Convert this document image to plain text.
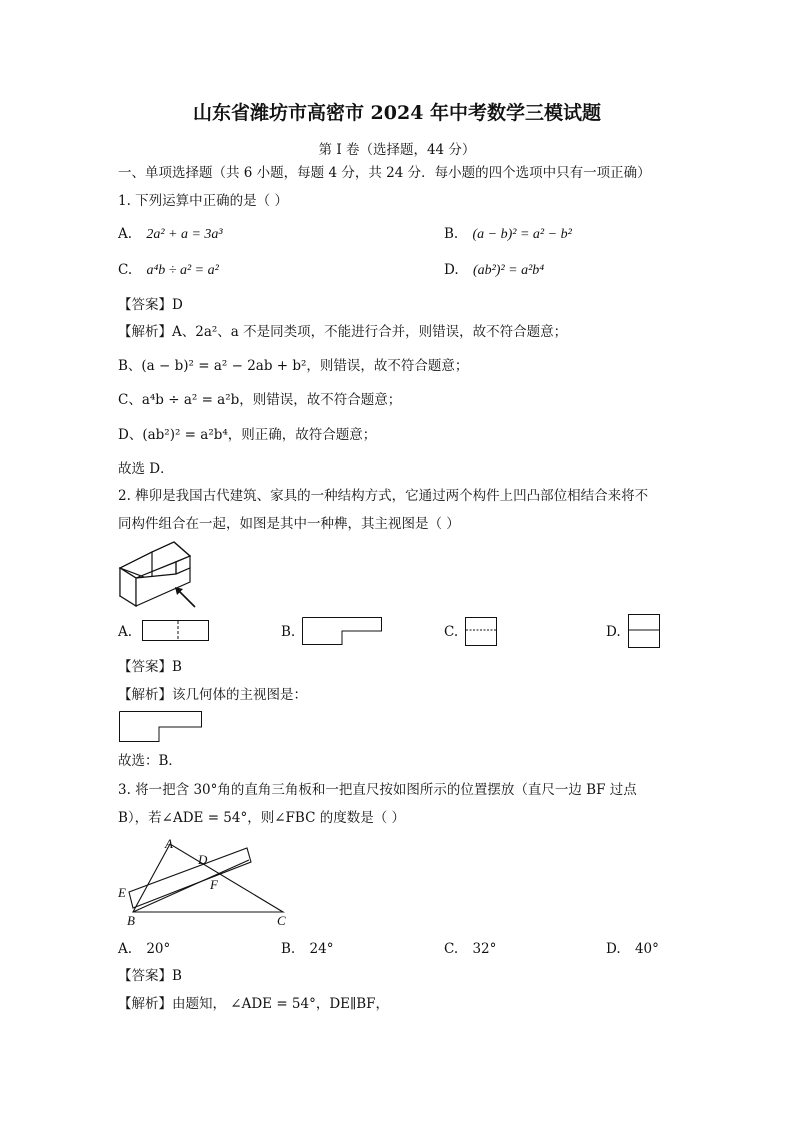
山东省潍坊市高密市 2024 年中考数学三模试题
第 I 卷（选择题，44 分）
一、单项选择题（共 6 小题，每题 4 分，共 24 分．每小题的四个选项中只有一项正确）
1. 下列运算中正确的是（ ）
A. 2a² + a = 3a³	B. (a − b)² = a² − b²
C. a⁴b ÷ a² = a²	D. (ab²)² = a²b⁴
【答案】D
【解析】A、2a²、a 不是同类项，不能进行合并，则错误，故不符合题意；
B、(a − b)² = a² − 2ab + b²，则错误，故不符合题意；
C、a⁴b ÷ a² = a²b，则错误，故不符合题意；
D、(ab²)² = a²b⁴，则正确，故符合题意；
故选 D．
2. 榫卯是我国古代建筑、家具的一种结构方式，它通过两个构件上凹凸部位相结合来将不
同构件组合在一起，如图是其中一种榫，其主视图是（ ）
A.	B.	C.	D.
【答案】B
【解析】该几何体的主视图是：
故选：B．
3. 将一把含 30°角的直角三角板和一把直尺按如图所示的位置摆放（直尺一边 BF 过点
B），若∠ADE = 54°，则∠FBC 的度数是（ ）
A
D
F
E
B	C
A. 20°	B. 24°	C. 32°	D. 40°
【答案】B
【解析】由题知， ∠ADE = 54°，DE∥BF，
